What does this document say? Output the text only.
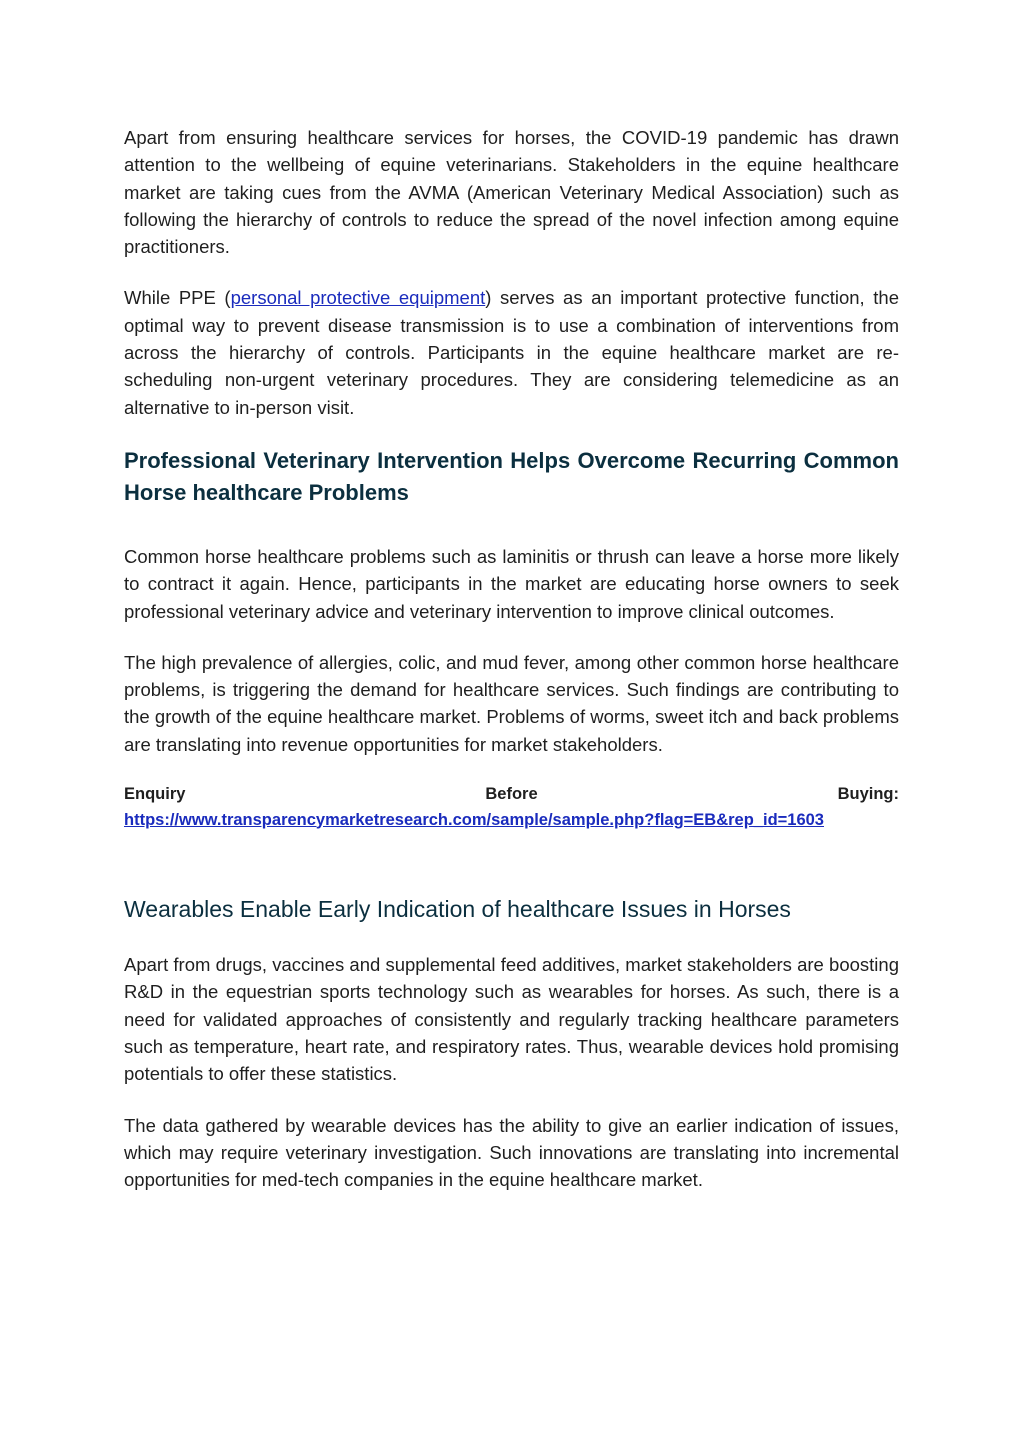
Apart from ensuring healthcare services for horses, the COVID-19 pandemic has drawn attention to the wellbeing of equine veterinarians. Stakeholders in the equine healthcare market are taking cues from the AVMA (American Veterinary Medical Association) such as following the hierarchy of controls to reduce the spread of the novel infection among equine practitioners.

While PPE (personal protective equipment) serves as an important protective function, the optimal way to prevent disease transmission is to use a combination of interventions from across the hierarchy of controls. Participants in the equine healthcare market are re-scheduling non-urgent veterinary procedures. They are considering telemedicine as an alternative to in-person visit.

Professional Veterinary Intervention Helps Overcome Recurring Common Horse healthcare Problems

Common horse healthcare problems such as laminitis or thrush can leave a horse more likely to contract it again. Hence, participants in the market are educating horse owners to seek professional veterinary advice and veterinary intervention to improve clinical outcomes.

The high prevalence of allergies, colic, and mud fever, among other common horse healthcare problems, is triggering the demand for healthcare services. Such findings are contributing to the growth of the equine healthcare market. Problems of worms, sweet itch and back problems are translating into revenue opportunities for market stakeholders.

Enquiry	Before	Buying:
https://www.transparencymarketresearch.com/sample/sample.php?flag=EB&rep_id=1603
Wearables Enable Early Indication of healthcare Issues in Horses

Apart from drugs, vaccines and supplemental feed additives, market stakeholders are boosting R&D in the equestrian sports technology such as wearables for horses. As such, there is a need for validated approaches of consistently and regularly tracking healthcare parameters such as temperature, heart rate, and respiratory rates. Thus, wearable devices hold promising potentials to offer these statistics.

The data gathered by wearable devices has the ability to give an earlier indication of issues, which may require veterinary investigation. Such innovations are translating into incremental opportunities for med-tech companies in the equine healthcare market.
